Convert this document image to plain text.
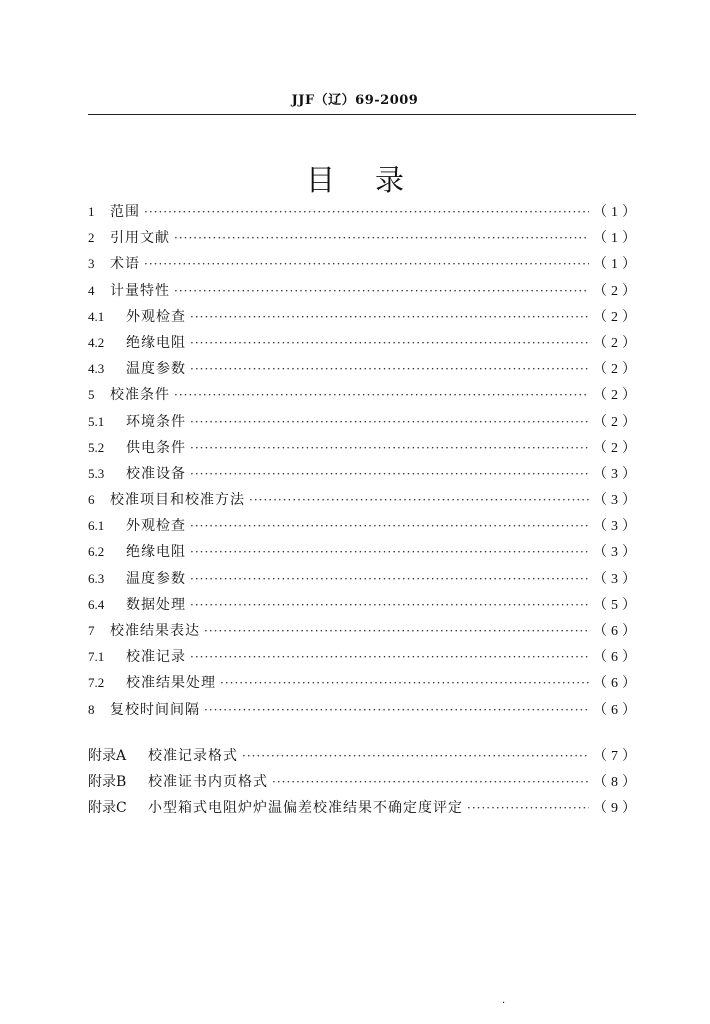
JJF（辽）69-2009
目录
1	范围 ·····	（1）
2	引用文献 ·····	（1）
3	术语 ·····	（1）
4	计量特性 ·····	（2）
4.1	外观检查 ·····	（2）
4.2	绝缘电阻 ·····	（2）
4.3	温度参数 ·····	（2）
5	校准条件 ·····	（2）
5.1	环境条件 ·····	（2）
5.2	供电条件 ·····	（2）
5.3	校准设备 ·····	（3）
6	校准项目和校准方法 ·····	（3）
6.1	外观检查 ·····	（3）
6.2	绝缘电阻 ·····	（3）
6.3	温度参数 ·····	（3）
6.4	数据处理 ·····	（5）
7	校准结果表达 ·····	（6）
7.1	校准记录 ·····	（6）
7.2	校准结果处理 ·····	（6）
8	复校时间间隔 ·····	（6）
附录A	校准记录格式 ·····	（7）
附录B	校准证书内页格式 ·····	（8）
附录C	小型箱式电阻炉炉温偏差校准结果不确定度评定 ·····	（9）
·
